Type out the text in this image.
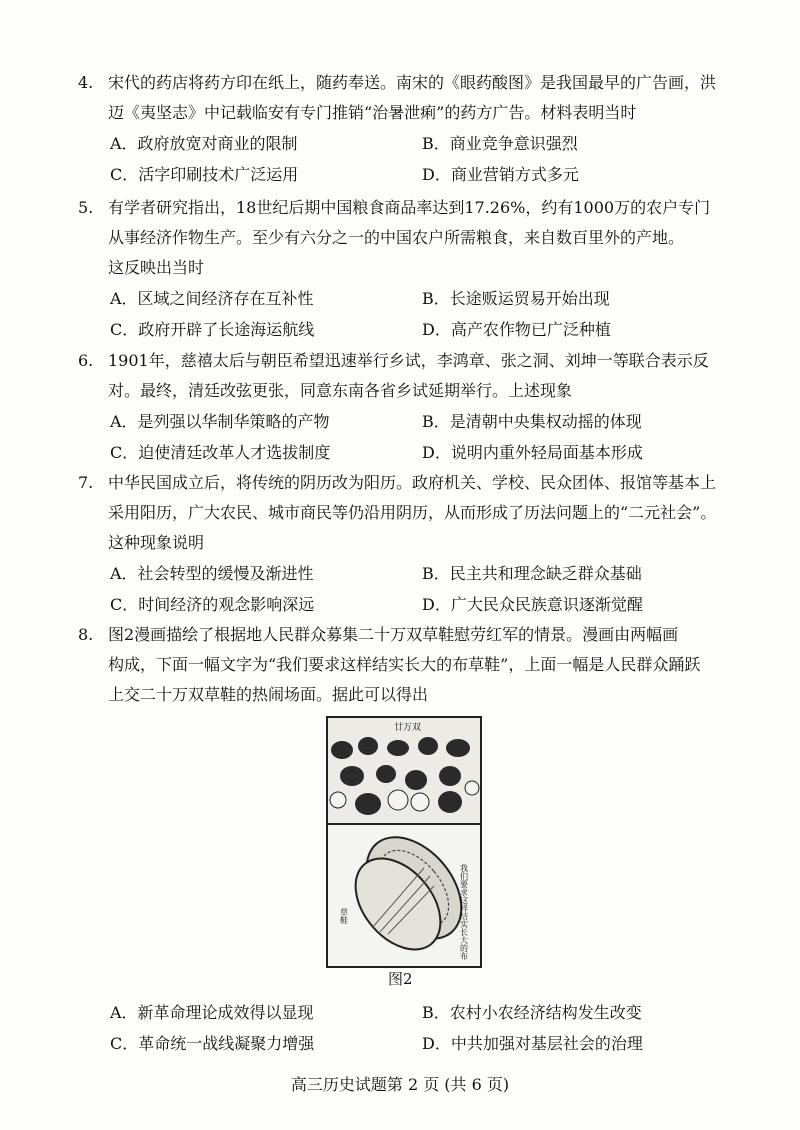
4. 宋代的药店将药方印在纸上，随药奉送。南宋的《眼药酸图》是我国最早的广告画，洪
迈《夷坚志》中记载临安有专门推销“治暑泄痢”的药方广告。材料表明当时
A．政府放宽对商业的限制	B．商业竞争意识强烈
C．活字印刷技术广泛运用	D．商业营销方式多元
5. 有学者研究指出，18世纪后期中国粮食商品率达到17.26%，约有1000万的农户专门
从事经济作物生产。至少有六分之一的中国农户所需粮食，来自数百里外的产地。
这反映出当时
A．区域之间经济存在互补性	B．长途贩运贸易开始出现
C．政府开辟了长途海运航线	D．高产农作物已广泛种植
6. 1901年，慈禧太后与朝臣希望迅速举行乡试，李鸿章、张之洞、刘坤一等联合表示反
对。最终，清廷改弦更张，同意东南各省乡试延期举行。上述现象
A．是列强以华制华策略的产物	B．是清朝中央集权动摇的体现
C．迫使清廷改革人才选拔制度	D．说明内重外轻局面基本形成
7. 中华民国成立后，将传统的阴历改为阳历。政府机关、学校、民众团体、报馆等基本上
采用阳历，广大农民、城市商民等仍沿用阴历，从而形成了历法问题上的“二元社会”。
这种现象说明
A．社会转型的缓慢及渐进性	B．民主共和理念缺乏群众基础
C．时间经济的观念影响深远	D．广大民众民族意识逐渐觉醒
8. 图2漫画描绘了根据地人民群众募集二十万双草鞋慰劳红军的情景。漫画由两幅画
构成，下面一幅文字为“我们要求这样结实长大的布草鞋”，上面一幅是人民群众踊跃
上交二十万双草鞋的热闹场面。据此可以得出
廿万双
我们要求这样结实长大的布
草鞋
图2
A．新革命理论成效得以显现	B．农村小农经济结构发生改变
C．革命统一战线凝聚力增强	D．中共加强对基层社会的治理
高三历史试题第 2 页 (共 6 页)
